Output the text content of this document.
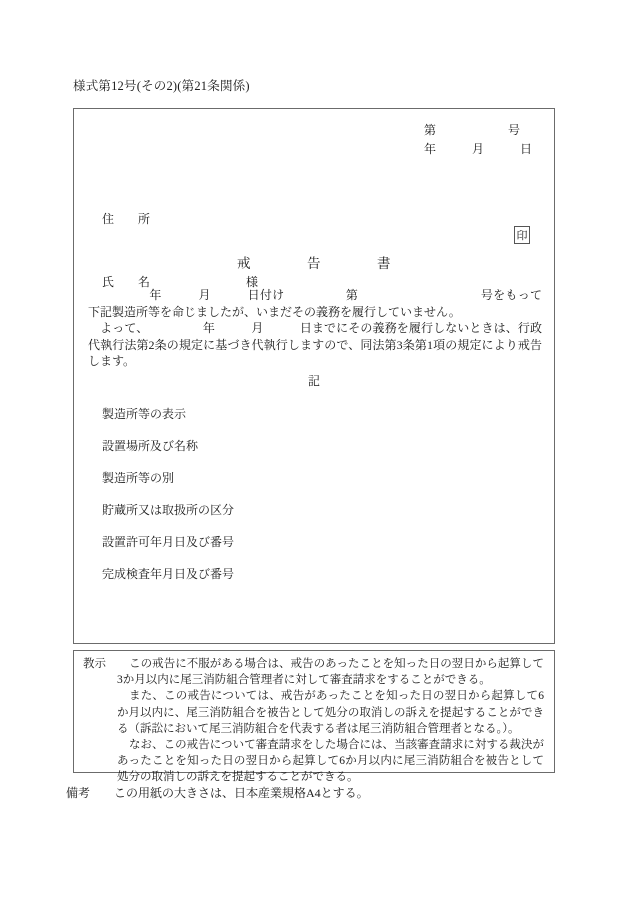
様式第12号(その2)(第21条関係)
第　　　　　　号
年　　　月　　　日

住　　所

氏　　名	様

印
戒　　　　告　　　　書

　　　　　年　　　月　　　日付け　　　　　第　　　　　　　　　　号をもって下記製造所等を命じましたが、いまだその義務を履行していません。

　よって、　　　　　年　　　月　　　日までにその義務を履行しないときは、行政代執行法第2条の規定に基づき代執行しますので、同法第3条第1項の規定により戒告します。

記
製造所等の表示
設置場所及び名称
製造所等の別
貯蔵所又は取扱所の区分
設置許可年月日及び番号
完成検査年月日及び番号

教示　　この戒告に不服がある場合は、戒告のあったことを知った日の翌日から起算して3か月以内に尾三消防組合管理者に対して審査請求をすることができる。

また、この戒告については、戒告があったことを知った日の翌日から起算して6か月以内に、尾三消防組合を被告として処分の取消しの訴えを提起することができる（訴訟において尾三消防組合を代表する者は尾三消防組合管理者となる。）。

なお、この戒告について審査請求をした場合には、当該審査請求に対する裁決があったことを知った日の翌日から起算して6か月以内に尾三消防組合を被告として処分の取消しの訴えを提起することができる。

備考　　この用紙の大きさは、日本産業規格A4とする。
